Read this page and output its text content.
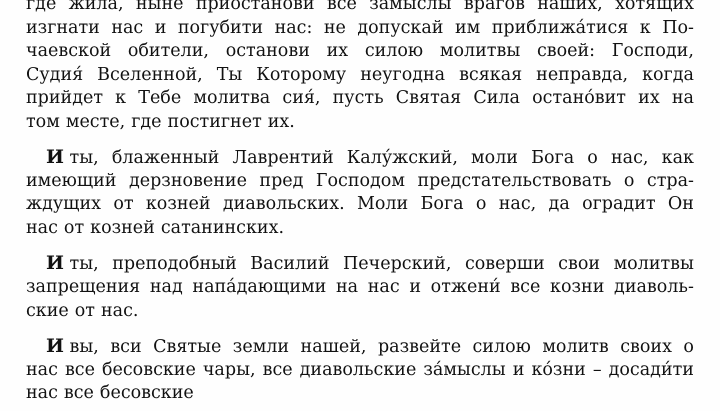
где жила, ныне приостанови все замыслы врагов наших, хотящих
изгнати нас и погубити нас: не допускай им приближа́тися к По-
чаевской обители, останови их силою молитвы своей: Господи,
Судия́ Вселенной, Ты Которому неугодна всякая неправда, когда
прийдет к Тебе молитва сия́, пусть Святая Сила остано́вит их на
том месте, где постигнет их.
И ты, блаженный Лаврентий Калу́жский, моли Бога о нас, как
имеющий дерзновение пред Господом предстательствовать о стра-
ждущих от козней диавольских. Моли Бога о нас, да оградит Он
нас от козней сатанинских.
И ты, преподобный Василий Печерский, соверши свои молитвы
запрещения над напа́дающими на нас и отжени́ все козни диаволь-
ские от нас.
И вы, вси Святые земли нашей, развейте силою молитв своих о
нас все бесовские чары, все диавольские за́мыслы и ко́зни – досади́ти
нас все бесовские
